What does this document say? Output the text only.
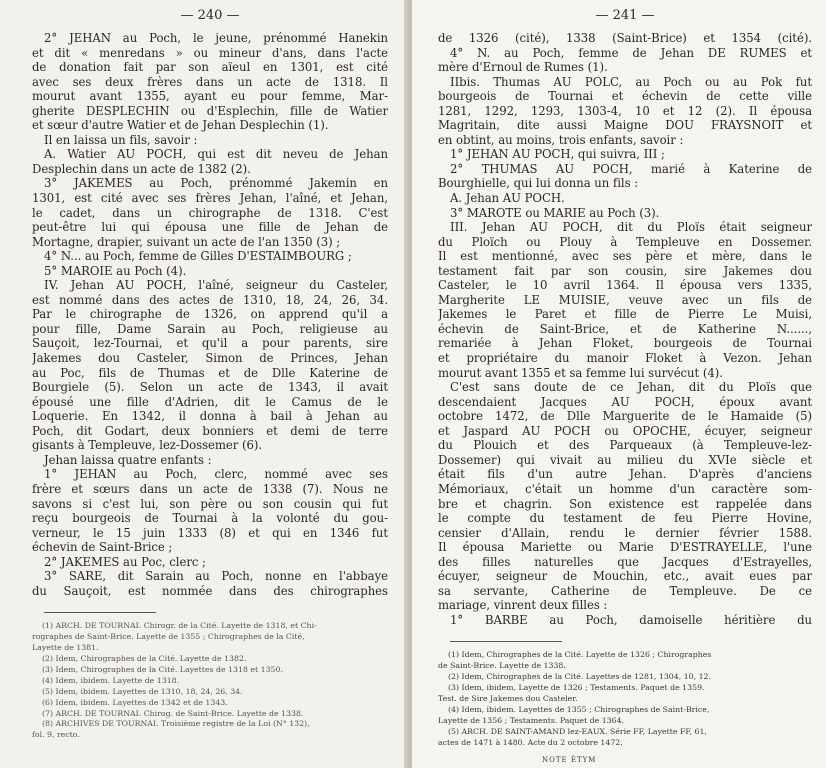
— 240 —
2° JEHAN au Poch, le jeune, prénommé Hanekin
et dit « menredans » ou mineur d'ans, dans l'acte
de donation fait par son aïeul en 1301, est cité
avec ses deux frères dans un acte de 1318. Il
mourut avant 1355, ayant eu pour femme, Mar-
gherite DESPLECHIN ou d'Esplechin, fille de Watier
et sœur d'autre Watier et de Jehan Desplechin (1).
Il en laissa un fils, savoir :
A. Watier AU POCH, qui est dit neveu de Jehan
Desplechin dans un acte de 1382 (2).
3° JAKEMES au Poch, prénommé Jakemin en
1301, est cité avec ses frères Jehan, l'aîné, et Jehan,
le cadet, dans un chirographe de 1318. C'est
peut-être lui qui épousa une fille de Jehan de
Mortagne, drapier, suivant un acte de l'an 1350 (3) ;
4° N... au Poch, femme de Gilles D'ESTAIMBOURG ;
5° MAROIE au Poch (4).
IV. Jehan AU POCH, l'aîné, seigneur du Casteler,
est nommé dans des actes de 1310, 18, 24, 26, 34.
Par le chirographe de 1326, on apprend qu'il a
pour fille, Dame Sarain au Poch, religieuse au
Sauçoit, lez-Tournai, et qu'il a pour parents, sire
Jakemes dou Casteler, Simon de Princes, Jehan
au Poc, fils de Thumas et de Dlle Katerine de
Bourgiele (5). Selon un acte de 1343, il avait
épousé une fille d'Adrien, dit le Camus de le
Loquerie. En 1342, il donna à bail à Jehan au
Poch, dit Godart, deux bonniers et demi de terre
gisants à Templeuve, lez-Dossemer (6).
Jehan laissa quatre enfants :
1° JEHAN au Poch, clerc, nommé avec ses
frère et sœurs dans un acte de 1338 (7). Nous ne
savons si c'est lui, son père ou son cousin qui fut
reçu bourgeois de Tournai à la volonté du gou-
verneur, le 15 juin 1333 (8) et qui en 1346 fut
échevin de Saint-Brice ;
2° JAKEMES au Poc, clerc ;
3° SARE, dit Sarain au Poch, nonne en l'abbaye
du Sauçoit, est nommée dans des chirographes
(1) ARCH. DE TOURNAI. Chirogr. de la Cité. Layette de 1318, et Chi-
rographes de Saint-Brice. Layette de 1355 ; Chirographes de la Cité,
Layette de 1381.
(2) Idem, Chirographes de la Cité. Layette de 1382.
(3) Idem, Chirographes de la Cité. Layettes de 1318 et 1350.
(4) Idem, ibidem. Layette de 1318.
(5) Idem, ibidem. Layettes de 1310, 18, 24, 26, 34.
(6) Idem, ibidem. Layettes de 1342 et de 1343.
(7) ARCH. DE TOURNAI. Chirog. de Saint-Brice. Layette de 1338.
(8) ARCHIVES DE TOURNAI. Troisième registre de la Loi (N° 132),
fol. 9, recto.
— 241 —
de 1326 (cité), 1338 (Saint-Brice) et 1354 (cité).
4° N. au Poch, femme de Jehan DE RUMES et
mère d'Ernoul de Rumes (1).
IIbis. Thumas AU POLC, au Poch ou au Pok fut
bourgeois de Tournai et échevin de cette ville
1281, 1292, 1293, 1303-4, 10 et 12 (2). Il épousa
Magritain, dite aussi Maigne DOU FRAYSNOIT et
en obtint, au moins, trois enfants, savoir :
1° JEHAN AU POCH, qui suivra, III ;
2° THUMAS AU POCH, marié à Katerine de
Bourghielle, qui lui donna un fils :
A. Jehan AU POCH.
3° MAROTE ou MARIE au Poch (3).
III. Jehan AU POCH, dit du Ploïs était seigneur
du Ploïch ou Plouy à Templeuve en Dossemer.
Il est mentionné, avec ses père et mère, dans le
testament fait par son cousin, sire Jakemes dou
Casteler, le 10 avril 1364. Il épousa vers 1335,
Margherite LE MUISIE, veuve avec un fils de
Jakemes le Paret et fille de Pierre Le Muisi,
échevin de Saint-Brice, et de Katherine N......,
remariée à Jehan Floket, bourgeois de Tournai
et propriétaire du manoir Floket à Vezon. Jehan
mourut avant 1355 et sa femme lui survécut (4).
C'est sans doute de ce Jehan, dit du Ploïs que
descendaient Jacques AU POCH, époux avant
octobre 1472, de Dlle Marguerite de le Hamaide (5)
et Jaspard AU POCH ou OPOCHE, écuyer, seigneur
du Plouich et des Parqueaux (à Templeuve-lez-
Dossemer) qui vivait au milieu du XVIe siècle et
était fils d'un autre Jehan. D'après d'anciens
Mémoriaux, c'était un homme d'un caractère som-
bre et chagrin. Son existence est rappelée dans
le compte du testament de feu Pierre Hovine,
censier d'Allain, rendu le dernier février 1588.
Il épousa Mariette ou Marie D'ESTRAYELLE, l'une
des filles naturelles que Jacques d'Estrayelles,
écuyer, seigneur de Mouchin, etc., avait eues par
sa servante, Catherine de Templeuve. De ce
mariage, vinrent deux filles :
1° BARBE au Poch, damoiselle héritière du
(1) Idem, Chirographes de la Cité. Layette de 1326 ; Chirographes
de Saint-Brice. Layette de 1338.
(2) Idem, Chirographes de la Cité. Layettes de 1281, 1304, 10, 12.
(3) Idem, ibidem, Layette de 1326 ; Testaments. Paquet de 1359.
Test. de Sire Jakemes dou Casteler.
(4) Idem, ibidem. Layettes de 1355 ; Chirographes de Saint-Brice,
Layette de 1356 ; Testaments. Paquet de 1364.
(5) ARCH. DE SAINT-AMAND lez-EAUX. Série FF, Layette FF, 61,
actes de 1471 à 1480. Acte du 2 octobre 1472.
NOTE ÉTYM
